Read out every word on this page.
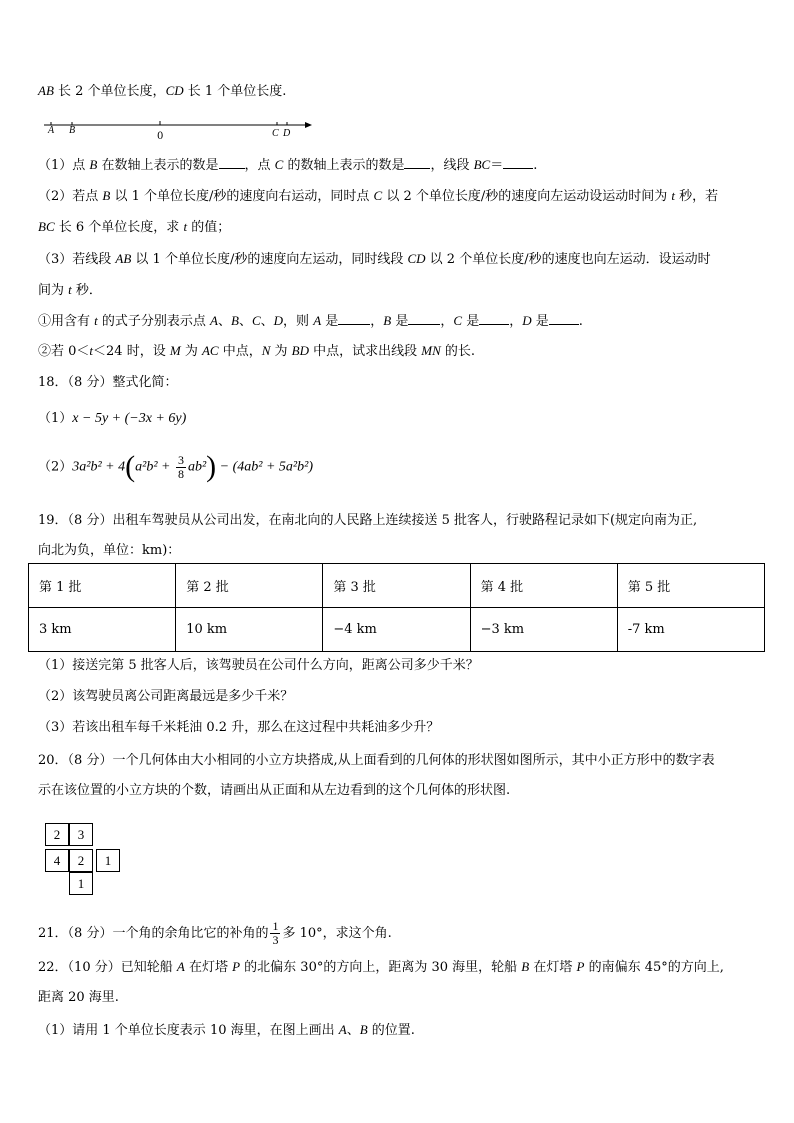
AB 长 2 个单位长度，CD 长 1 个单位长度.
A B
0	C D
（1）点 B 在数轴上表示的数是 ，点 C 的数轴上表示的数是 ，线段 BC＝ .
（2）若点 B 以 1 个单位长度/秒的速度向右运动，同时点 C 以 2 个单位长度/秒的速度向左运动设运动时间为 t 秒，若
BC 长 6 个单位长度，求 t 的值；
（3）若线段 AB 以 1 个单位长度/秒的速度向左运动，同时线段 CD 以 2 个单位长度/秒的速度也向左运动．设运动时
间为 t 秒．
①用含有 t 的式子分别表示点 A、B、C、D，则 A 是 ，B 是 ，C 是 ，D 是 .
②若 0＜t＜24 时，设 M 为 AC 中点，N 为 BD 中点，试求出线段 MN 的长.
18．（8 分）整式化简：
（1）x − 5y + (−3x + 6y)
$(2)3a^2b^2 + 4(a^2b^2 + \frac{3}{8} ab^2) - (4ab^2 + 5a^2b^2)$
19．（8 分）出租车驾驶员从公司出发，在南北向的人民路上连续接送 5 批客人，行驶路程记录如下(规定向南为正,
向北为负，单位：km)：
第 1 批	第 2 批	第 3 批	第 4 批	第 5 批
3 km	10 km	−4 km	−3 km	-7 km
（1）接送完第 5 批客人后，该驾驶员在公司什么方向，距离公司多少千米？
（2）该驾驶员离公司距离最远是多少千米？
（3）若该出租车每千米耗油 0.2 升，那么在这过程中共耗油多少升？
20．（8 分）一个几何体由大小相同的小立方块搭成,从上面看到的几何体的形状图如图所示，其中小正方形中的数字表
示在该位置的小立方块的个数，请画出从正面和从左边看到的这个几何体的形状图.
2	3
4	2	1
1
21．（8 分）一个角的余角比它的补角的 $\frac{1}{3}$ 多 10°，求这个角.
22．（10 分）已知轮船 A 在灯塔 P 的北偏东 30°的方向上，距离为 30 海里，轮船 B 在灯塔 P 的南偏东 45°的方向上,
距离 20 海里.
（1）请用 1 个单位长度表示 10 海里，在图上画出 A、B 的位置.
